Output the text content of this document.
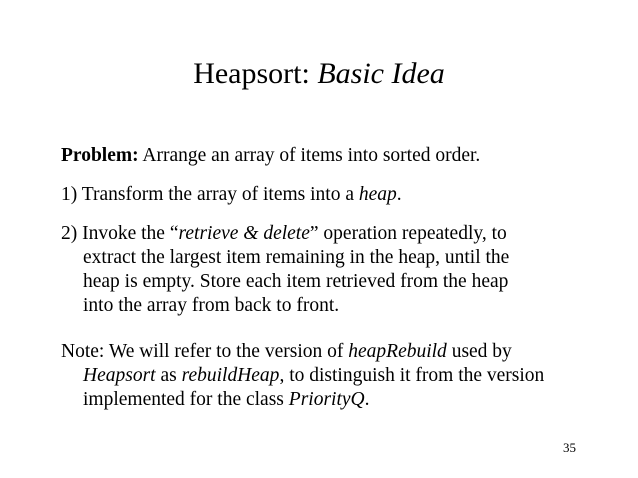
Heapsort: Basic Idea
Problem: Arrange an array of items into sorted order.
1) Transform the array of items into a heap.
2) Invoke the “retrieve & delete” operation repeatedly, to
extract the largest item remaining in the heap, until the
heap is empty. Store each item retrieved from the heap
into the array from back to front.
Note: We will refer to the version of heapRebuild used by
Heapsort as rebuildHeap, to distinguish it from the version
implemented for the class PriorityQ.
35
